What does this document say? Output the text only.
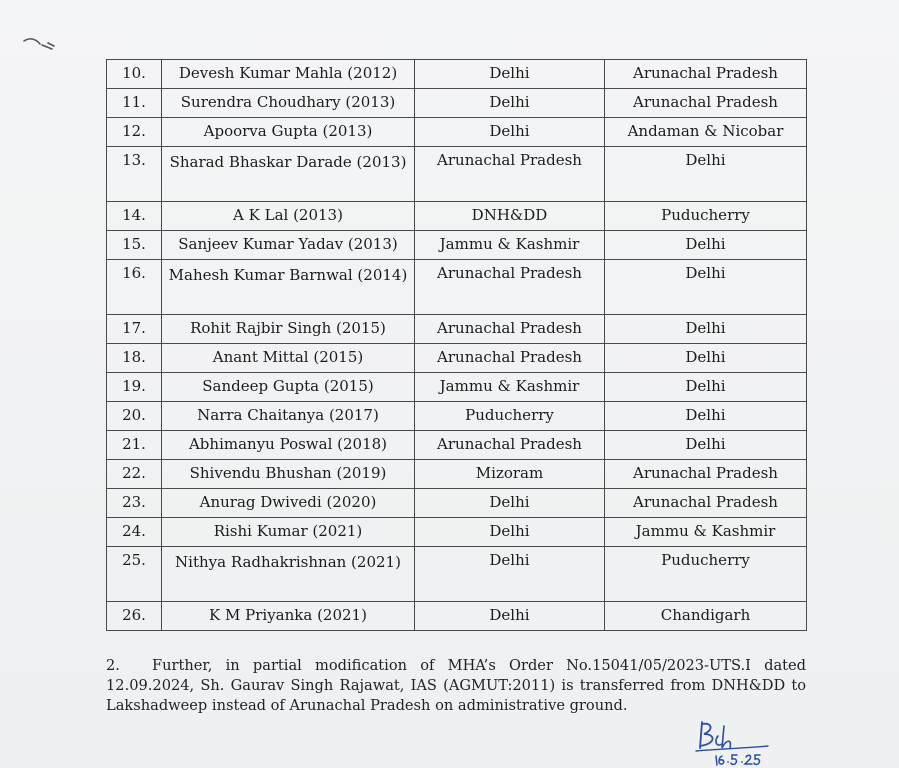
10.	Devesh Kumar Mahla (2012)	Delhi	Arunachal Pradesh
11.	Surendra Choudhary (2013)	Delhi	Arunachal Pradesh
12.	Apoorva Gupta (2013)	Delhi	Andaman & Nicobar
13.	Sharad Bhaskar Darade (2013)	Arunachal Pradesh	Delhi
14.	A K Lal (2013)	DNH&DD	Puducherry
15.	Sanjeev Kumar Yadav (2013)	Jammu & Kashmir	Delhi
16.	Mahesh Kumar Barnwal (2014)	Arunachal Pradesh	Delhi
17.	Rohit Rajbir Singh (2015)	Arunachal Pradesh	Delhi
18.	Anant Mittal (2015)	Arunachal Pradesh	Delhi
19.	Sandeep Gupta (2015)	Jammu & Kashmir	Delhi
20.	Narra Chaitanya (2017)	Puducherry	Delhi
21.	Abhimanyu Poswal (2018)	Arunachal Pradesh	Delhi
22.	Shivendu Bhushan (2019)	Mizoram	Arunachal Pradesh
23.	Anurag Dwivedi (2020)	Delhi	Arunachal Pradesh
24.	Rishi Kumar (2021)	Delhi	Jammu & Kashmir
25.	Nithya Radhakrishnan (2021)	Delhi	Puducherry
26.	K M Priyanka (2021)	Delhi	Chandigarh
2. Further, in partial modification of MHA’s Order No.15041/05/2023-UTS.I dated 12.09.2024, Sh. Gaurav Singh Rajawat, IAS (AGMUT:2011) is transferred from DNH&DD to Lakshadweep instead of Arunachal Pradesh on administrative ground.
